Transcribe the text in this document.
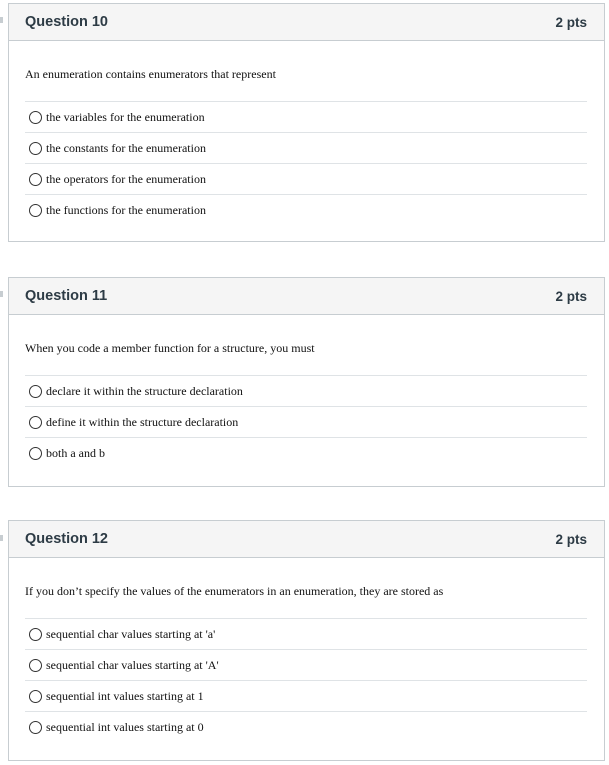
Question 10	2 pts
An enumeration contains enumerators that represent
the variables for the enumeration
the constants for the enumeration
the operators for the enumeration
the functions for the enumeration
Question 11	2 pts
When you code a member function for a structure, you must
declare it within the structure declaration
define it within the structure declaration
both a and b
Question 12	2 pts
If you don’t specify the values of the enumerators in an enumeration, they are stored as
sequential char values starting at 'a'
sequential char values starting at 'A'
sequential int values starting at 1
sequential int values starting at 0
